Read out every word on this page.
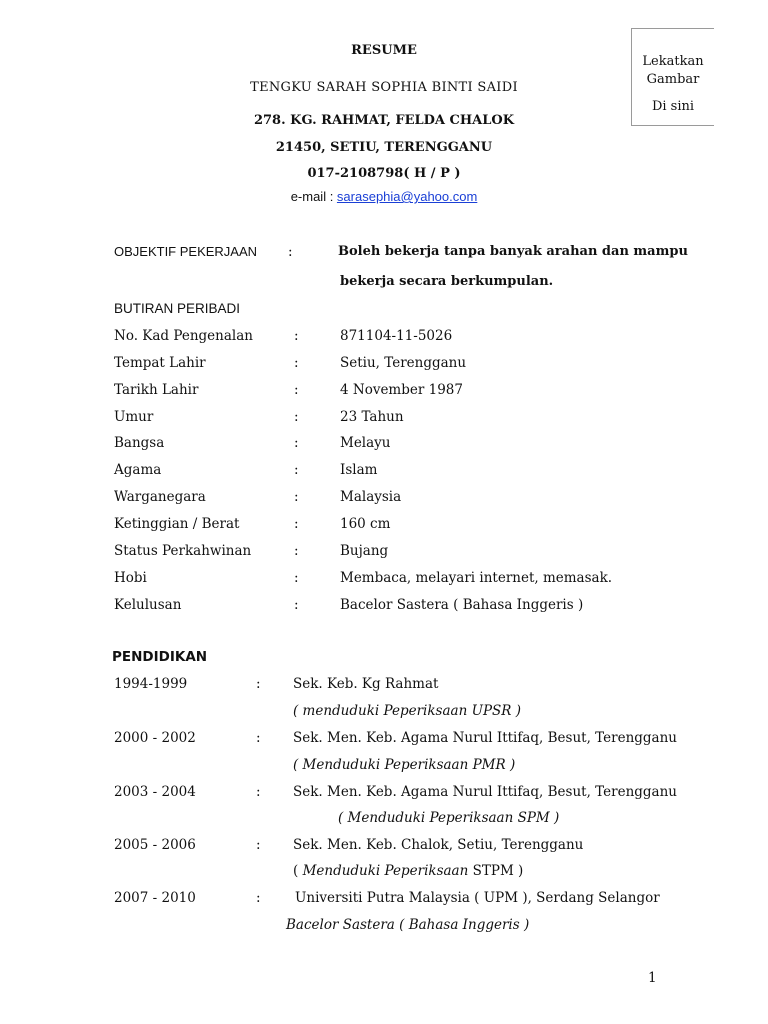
RESUME
TENGKU SARAH SOPHIA BINTI SAIDI
278. KG. RAHMAT, FELDA CHALOK
21450, SETIU, TERENGGANU
017-2108798( H / P )
e-mail : sarasephia@yahoo.com
Lekatkan
Gambar
Di sini
OBJEKTIF PEKERJAAN :	Boleh bekerja tanpa banyak arahan dan mampu
bekerja secara berkumpulan.
BUTIRAN PERIBADI
No. Kad Pengenalan	:	871104-11-5026
Tempat Lahir	:	Setiu, Terengganu
Tarikh Lahir	:	4 November 1987
Umur	:	23 Tahun
Bangsa	:	Melayu
Agama	:	Islam
Warganegara	:	Malaysia
Ketinggian / Berat	:	160 cm
Status Perkahwinan	:	Bujang
Hobi	:	Membaca, melayari internet, memasak.
Kelulusan	:	Bacelor Sastera ( Bahasa Inggeris )
PENDIDIKAN
1994-1999	: Sek. Keb. Kg Rahmat
( menduduki Peperiksaan UPSR )
2000 - 2002	: Sek. Men. Keb. Agama Nurul Ittifaq, Besut, Terengganu
( Menduduki Peperiksaan PMR )
2003 - 2004	: Sek. Men. Keb. Agama Nurul Ittifaq, Besut, Terengganu
( Menduduki Peperiksaan SPM )
2005 - 2006	: Sek. Men. Keb. Chalok, Setiu, Terengganu
( Menduduki Peperiksaan STPM )
2007 - 2010	:	Universiti Putra Malaysia ( UPM ), Serdang Selangor
Bacelor Sastera ( Bahasa Inggeris )
1
